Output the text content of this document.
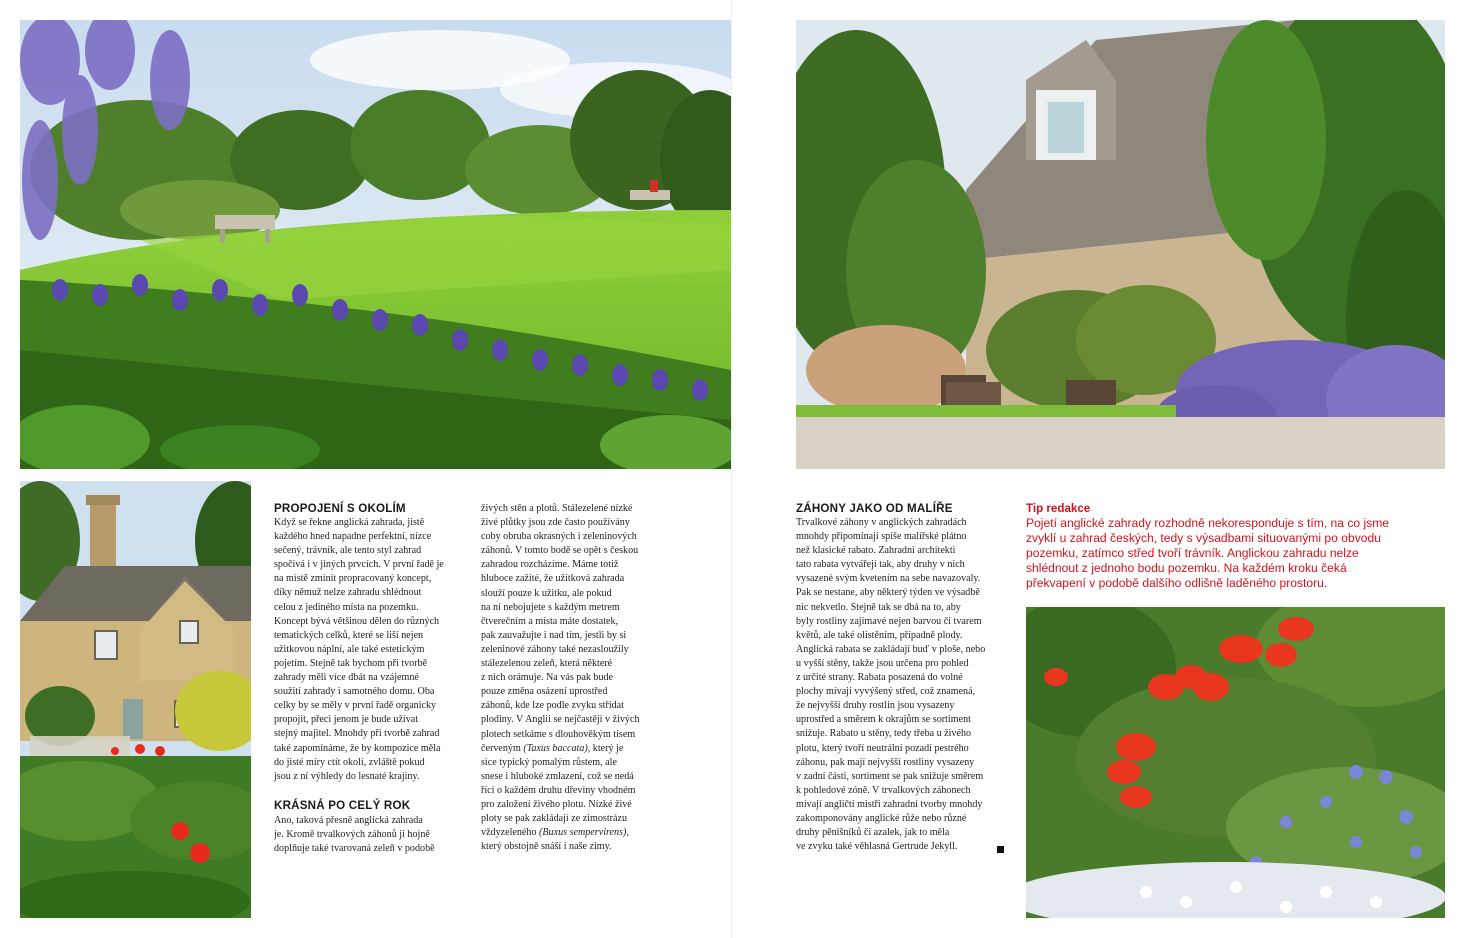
PROPOJENÍ S OKOLÍM
Když se řekne anglická zahrada, jistě
každého hned napadne perfektní, nízce
sečený, trávník, ale tento styl zahrad
spočívá i v jiných prvcích. V první řadě je
na místě zmínit propracovaný koncept,
díky němuž nelze zahradu shlédnout
celou z jediného místa na pozemku.
Koncept bývá většinou dělen do různých
tematických celků, které se liší nejen
užitkovou náplní, ale také estetickým
pojetím. Stejně tak bychom při tvorbě
zahrady měli více dbát na vzájemné
soužití zahrady i samotného domu. Oba
celky by se měly v první řadě organicky
propojit, přeci jenom je bude užívat
stejný majitel. Mnohdy při tvorbě zahrad
také zapomínáme, že by kompozice měla
do jisté míry ctít okolí, zvláště pokud
jsou z ní výhledy do lesnaté krajiny.
KRÁSNÁ PO CELÝ ROK
Ano, taková přesně anglická zahrada
je. Kromě trvalkových záhonů ji hojně
doplňuje také tvarovaná zeleň v podobě
živých stěn a plotů. Stálezelené nízké
živé plůtky jsou zde často používány
coby obruba okrasných i zeleninových
záhonů. V tomto bodě se opět s českou
zahradou rozcházíme. Máme totiž
hluboce zažité, že užitková zahrada
slouží pouze k užitku, ale pokud
na ní nebojujete s každým metrem
čtverečním a místa máte dostatek,
pak zauvažujte i nad tím, jestli by si
zeleninové záhony také nezasloužily
stálezelenou zeleň, která některé
z nich orámuje. Na vás pak bude
pouze změna osázení uprostřed
záhonů, kde lze podle zvyku střídat
plodiny. V Anglii se nejčastěji v živých
plotech setkáme s dlouhověkým tisem
červeným (Taxus baccata), který je
sice typický pomalým růstem, ale
snese i hluboké zmlazení, což se nedá
říci o každém druhu dřeviny vhodném
pro založení živého plotu. Nízké živé
ploty se pak zakládají ze zimostrázu
vždyzeleného (Buxus sempervirens),
který obstojně snáší i naše zimy.
ZÁHONY JAKO OD MALÍŘE
Trvalkové záhony v anglických zahradách
mnohdy připomínají spíše malířské plátno
než klasické rabato. Zahradní architekti
tato rabata vytvářejí tak, aby druhy v nich
vysazené svým kvetením na sebe navazovaly.
Pak se nestane, aby některý týden ve výsadbě
nic nekvetlo. Stejně tak se dbá na to, aby
byly rostliny zajímavé nejen barvou či tvarem
květů, ale také olistěním, případně plody.
Anglická rabata se zakládají buď v ploše, nebo
u vyšší stěny, takže jsou určena pro pohled
z určité strany. Rabata posazená do volné
plochy mívají vyvýšený střed, což znamená,
že nejvyšší druhy rostlin jsou vysazeny
uprostřed a směrem k okrajům se sortiment
snižuje. Rabato u stěny, tedy třeba u živého
plotu, který tvoří neutrální pozadí pestrého
záhonu, pak mají nejvyšší rostliny vysazeny
v zadní části, sortiment se pak snižuje směrem
k pohledové zóně. V trvalkových záhonech
mívají angličtí mistři zahradní tvorby mnohdy
zakomponovány anglické růže nebo různé
druhy pěnišníků či azalek, jak to měla
ve zvyku také věhlasná Gertrude Jekyll.
Tip redakce
Pojetí anglické zahrady rozhodně nekoresponduje s tím, na co jsme
zvyklí u zahrad českých, tedy s výsadbami situovanými po obvodu
pozemku, zatímco střed tvoří trávník. Anglickou zahradu nelze
shlédnout z jednoho bodu pozemku. Na každém kroku čeká
překvapení v podobě dalšího odlišně laděného prostoru.
